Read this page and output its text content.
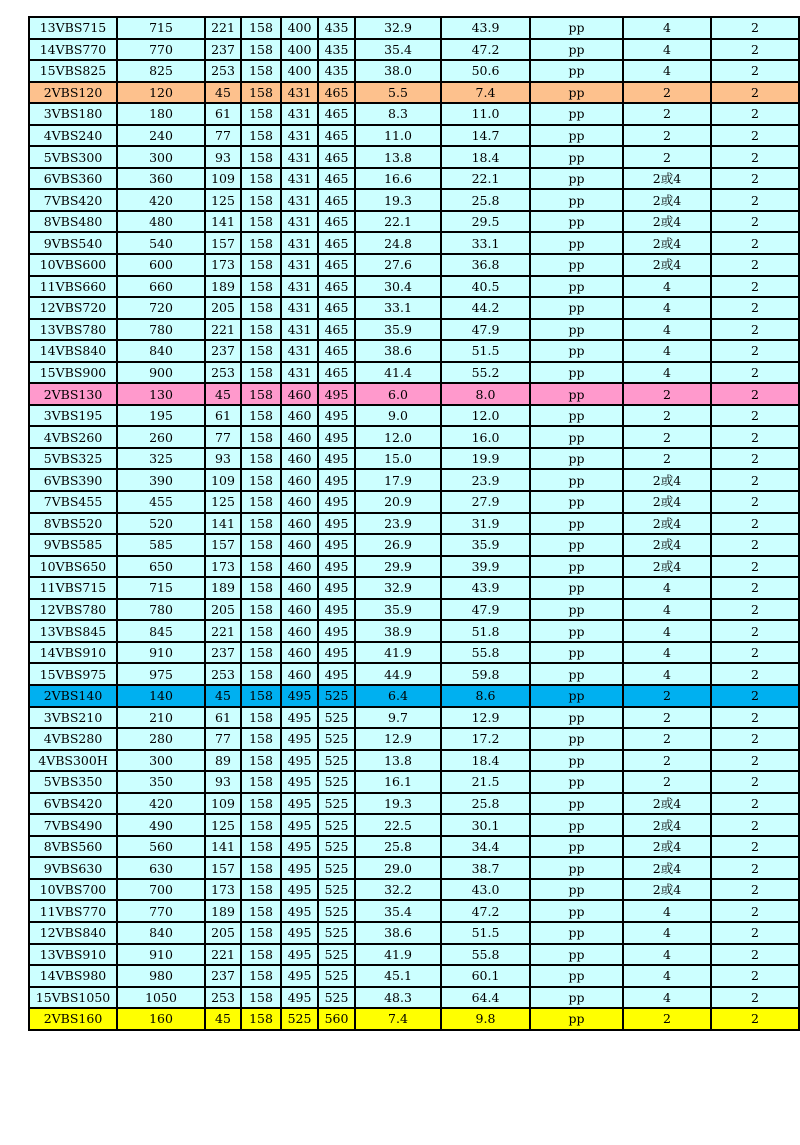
13VBS715	715	221	158	400	435	32.9	43.9	pp	4	2
14VBS770	770	237	158	400	435	35.4	47.2	pp	4	2
15VBS825	825	253	158	400	435	38.0	50.6	pp	4	2
2VBS120	120	45	158	431	465	5.5	7.4	pp	2	2
3VBS180	180	61	158	431	465	8.3	11.0	pp	2	2
4VBS240	240	77	158	431	465	11.0	14.7	pp	2	2
5VBS300	300	93	158	431	465	13.8	18.4	pp	2	2
6VBS360	360	109	158	431	465	16.6	22.1	pp	2或4	2
7VBS420	420	125	158	431	465	19.3	25.8	pp	2或4	2
8VBS480	480	141	158	431	465	22.1	29.5	pp	2或4	2
9VBS540	540	157	158	431	465	24.8	33.1	pp	2或4	2
10VBS600	600	173	158	431	465	27.6	36.8	pp	2或4	2
11VBS660	660	189	158	431	465	30.4	40.5	pp	4	2
12VBS720	720	205	158	431	465	33.1	44.2	pp	4	2
13VBS780	780	221	158	431	465	35.9	47.9	pp	4	2
14VBS840	840	237	158	431	465	38.6	51.5	pp	4	2
15VBS900	900	253	158	431	465	41.4	55.2	pp	4	2
2VBS130	130	45	158	460	495	6.0	8.0	pp	2	2
3VBS195	195	61	158	460	495	9.0	12.0	pp	2	2
4VBS260	260	77	158	460	495	12.0	16.0	pp	2	2
5VBS325	325	93	158	460	495	15.0	19.9	pp	2	2
6VBS390	390	109	158	460	495	17.9	23.9	pp	2或4	2
7VBS455	455	125	158	460	495	20.9	27.9	pp	2或4	2
8VBS520	520	141	158	460	495	23.9	31.9	pp	2或4	2
9VBS585	585	157	158	460	495	26.9	35.9	pp	2或4	2
10VBS650	650	173	158	460	495	29.9	39.9	pp	2或4	2
11VBS715	715	189	158	460	495	32.9	43.9	pp	4	2
12VBS780	780	205	158	460	495	35.9	47.9	pp	4	2
13VBS845	845	221	158	460	495	38.9	51.8	pp	4	2
14VBS910	910	237	158	460	495	41.9	55.8	pp	4	2
15VBS975	975	253	158	460	495	44.9	59.8	pp	4	2
2VBS140	140	45	158	495	525	6.4	8.6	pp	2	2
3VBS210	210	61	158	495	525	9.7	12.9	pp	2	2
4VBS280	280	77	158	495	525	12.9	17.2	pp	2	2
4VBS300H	300	89	158	495	525	13.8	18.4	pp	2	2
5VBS350	350	93	158	495	525	16.1	21.5	pp	2	2
6VBS420	420	109	158	495	525	19.3	25.8	pp	2或4	2
7VBS490	490	125	158	495	525	22.5	30.1	pp	2或4	2
8VBS560	560	141	158	495	525	25.8	34.4	pp	2或4	2
9VBS630	630	157	158	495	525	29.0	38.7	pp	2或4	2
10VBS700	700	173	158	495	525	32.2	43.0	pp	2或4	2
11VBS770	770	189	158	495	525	35.4	47.2	pp	4	2
12VBS840	840	205	158	495	525	38.6	51.5	pp	4	2
13VBS910	910	221	158	495	525	41.9	55.8	pp	4	2
14VBS980	980	237	158	495	525	45.1	60.1	pp	4	2
15VBS1050	1050	253	158	495	525	48.3	64.4	pp	4	2
2VBS160	160	45	158	525	560	7.4	9.8	pp	2	2
